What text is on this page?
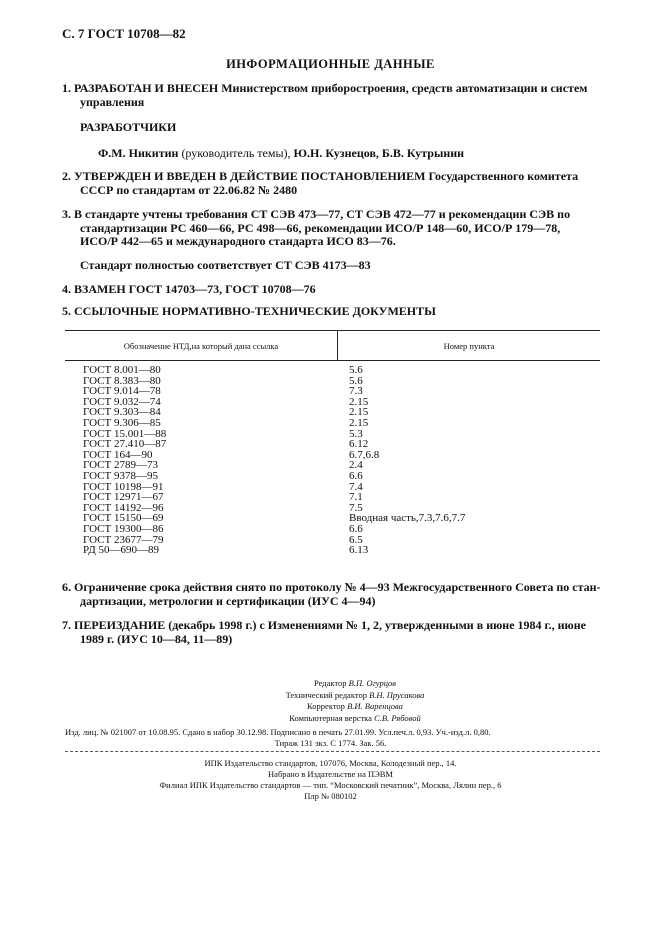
С. 7 ГОСТ 10708—82
ИНФОРМАЦИОННЫЕ ДАННЫЕ
1. РАЗРАБОТАН И ВНЕСЕН Министерством приборостроения, средств автоматизации и систем
управления
РАЗРАБОТЧИКИ
Ф.М. Никитин (руководитель темы), Ю.Н. Кузнецов, Б.В. Кутрынин
2. УТВЕРЖДЕН И ВВЕДЕН В ДЕЙСТВИЕ ПОСТАНОВЛЕНИЕМ Государственного комитета
СССР по стандартам от 22.06.82 № 2480
3. В стандарте учтены требования СТ СЭВ 473—77, СТ СЭВ 472—77 и рекомендации СЭВ по
стандартизации РС 460—66, РС 498—66, рекомендации ИСО/Р 148—60, ИСО/Р 179—78,
ИСО/Р 442—65 и международного стандарта ИСО 83—76.
Стандарт полностью соответствует СТ СЭВ 4173—83
4. ВЗАМЕН ГОСТ 14703—73, ГОСТ 10708—76
5. ССЫЛОЧНЫЕ НОРМАТИВНО-ТЕХНИЧЕСКИЕ ДОКУМЕНТЫ
Обозначение НТД,на который дана ссылка	Номер пункта
ГОСТ 8.001—80
ГОСТ 8.383—80
ГОСТ 9.014—78
ГОСТ 9.032—74
ГОСТ 9.303—84
ГОСТ 9.306—85
ГОСТ 15.001—88
ГОСТ 27.410—87
ГОСТ 164—90
ГОСТ 2789—73
ГОСТ 9378—95
ГОСТ 10198—91
ГОСТ 12971—67
ГОСТ 14192—96
ГОСТ 15150—69
ГОСТ 19300—86
ГОСТ 23677—79
РД 50—690—89
5.6
5.6
7.3
2.15
2.15
2.15
5.3
6.12
6.7,6.8
2.4
6.6
7.4
7.1
7.5
Вводная часть,7.3,7.6,7.7
6.6
6.5
6.13
6. Ограничение срока действия снято по протоколу № 4—93 Межгосударственного Совета по стан-
дартизации, метрологии и сертификации (ИУС 4—94)
7. ПЕРЕИЗДАНИЕ (декабрь 1998 г.) с Изменениями № 1, 2, утвержденными в июне 1984 г., июне
1989 г. (ИУС 10—84, 11—89)
Редактор В.П. Огурцов
Технический редактор В.Н. Прусакова
Корректор В.И. Варенцова
Компьютерная верстка С.В. Рябовой
Изд. лиц. № 021007 от 10.08.95. Сдано в набор 30.12.98. Подписано в печать 27.01.99. Усл.печ.л. 0,93. Уч.-изд.л. 0,80.
Тираж 131 экз. С 1774. Зак. 56.
ИПК Издательство стандартов, 107076, Москва, Колодезный пер., 14.
Набрано в Издательстве на ПЭВМ
Филиал ИПК Издательство стандартов — тип. “Московский печатник”, Москва, Лялин пер., 6
Плр № 080102
